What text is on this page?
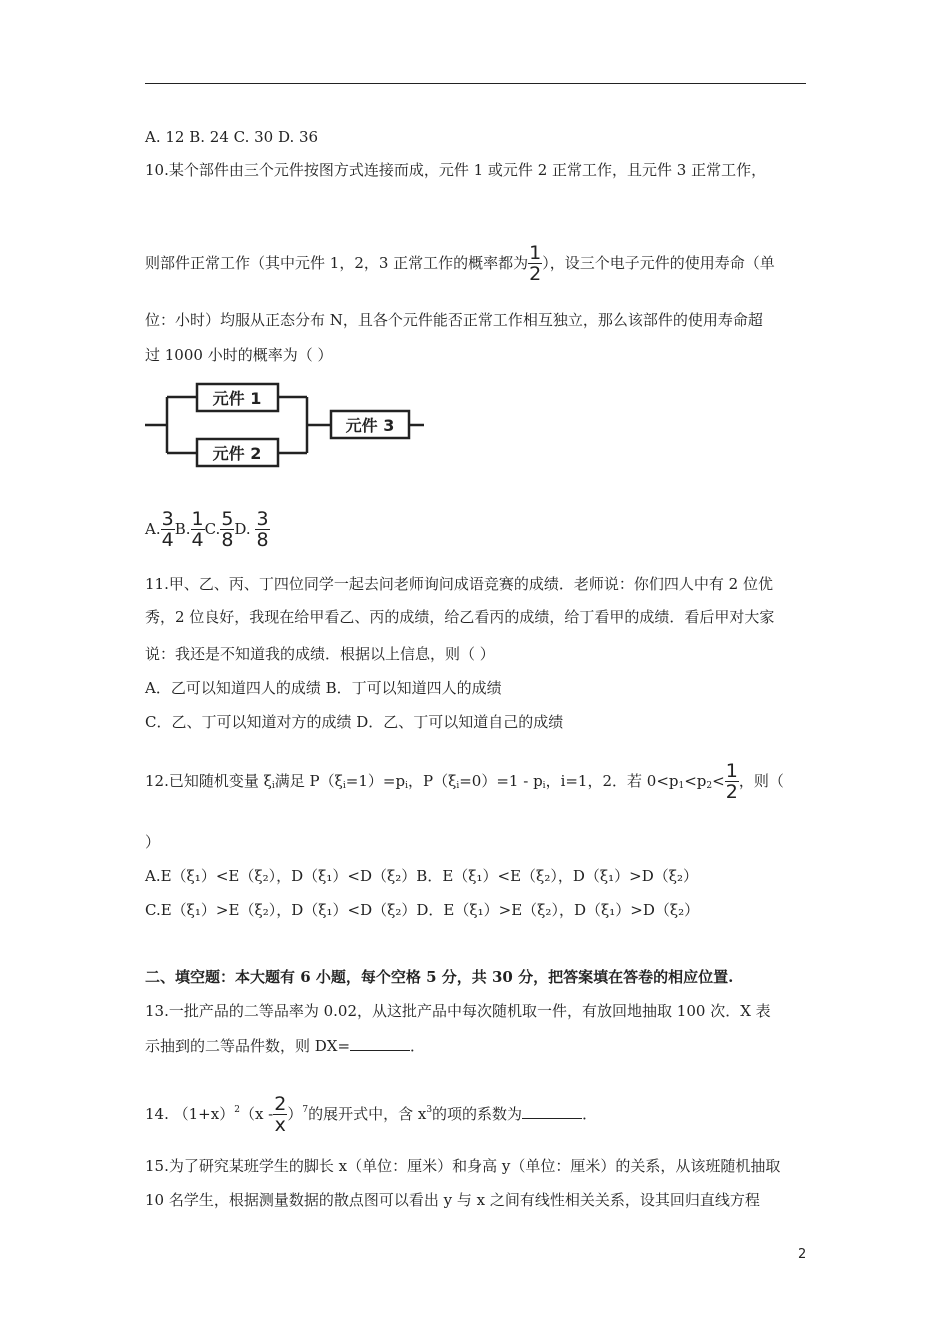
A. 12 B. 24 C. 30 D. 36
10.某个部件由三个元件按图方式连接而成，元件 1 或元件 2 正常工作，且元件 3 正常工作，
则部件正常工作（其中元件 1，2，3 正常工作的概率都为 $\frac{1}{2}$ ），设三个电子元件的使用寿命（单
位：小时）均服从正态分布 N，且各个元件能否正常工作相互独立，那么该部件的使用寿命超
过 1000 小时的概率为（ ）
元件 1
元件 2
元件 3
A. $\frac{3}{4} B$. $\frac{1}{4} C$. $\frac{5}{8} D$. $\frac{3}{8}$
11.甲、乙、丙、丁四位同学一起去问老师询问成语竞赛的成绩．老师说：你们四人中有 2 位优
秀，2 位良好，我现在给甲看乙、丙的成绩，给乙看丙的成绩，给丁看甲的成绩．看后甲对大家
说：我还是不知道我的成绩．根据以上信息，则（ ）
A．乙可以知道四人的成绩 B．丁可以知道四人的成绩
C．乙、丁可以知道对方的成绩 D．乙、丁可以知道自己的成绩
12.已知随机变量 $\xi_i$满足 $P(\xi_i=1)=p_i$，$P(\xi_i=0)=1 - p_i$，i=1，2．若 $0<p_1<p_2< \frac{1}{2}$ ，则（
）
A.E（ξ₁）<E（ξ₂），D（ξ₁）<D（ξ₂）B．E（ξ₁）<E（ξ₂），D（ξ₁）>D（ξ₂）
C.E（ξ₁）>E（ξ₂），D（ξ₁）<D（ξ₂）D．E（ξ₁）>E（ξ₂），D（ξ₁）>D（ξ₂）
二、填空题：本大题有 6 小题，每个空格 5 分，共 30 分，把答案填在答卷的相应位置.
13.一批产品的二等品率为 0.02，从这批产品中每次随机取一件，有放回地抽取 100 次．X 表
示抽到的二等品件数，则 DX=	．
14. $(1+x)^2(x - \frac{2}{x} )^7$的展开式中，含 $x^3$的项的系数为	．
15.为了研究某班学生的脚长 x（单位：厘米）和身高 y（单位：厘米）的关系，从该班随机抽取
10 名学生，根据测量数据的散点图可以看出 y 与 x 之间有线性相关关系，设其回归直线方程
2
